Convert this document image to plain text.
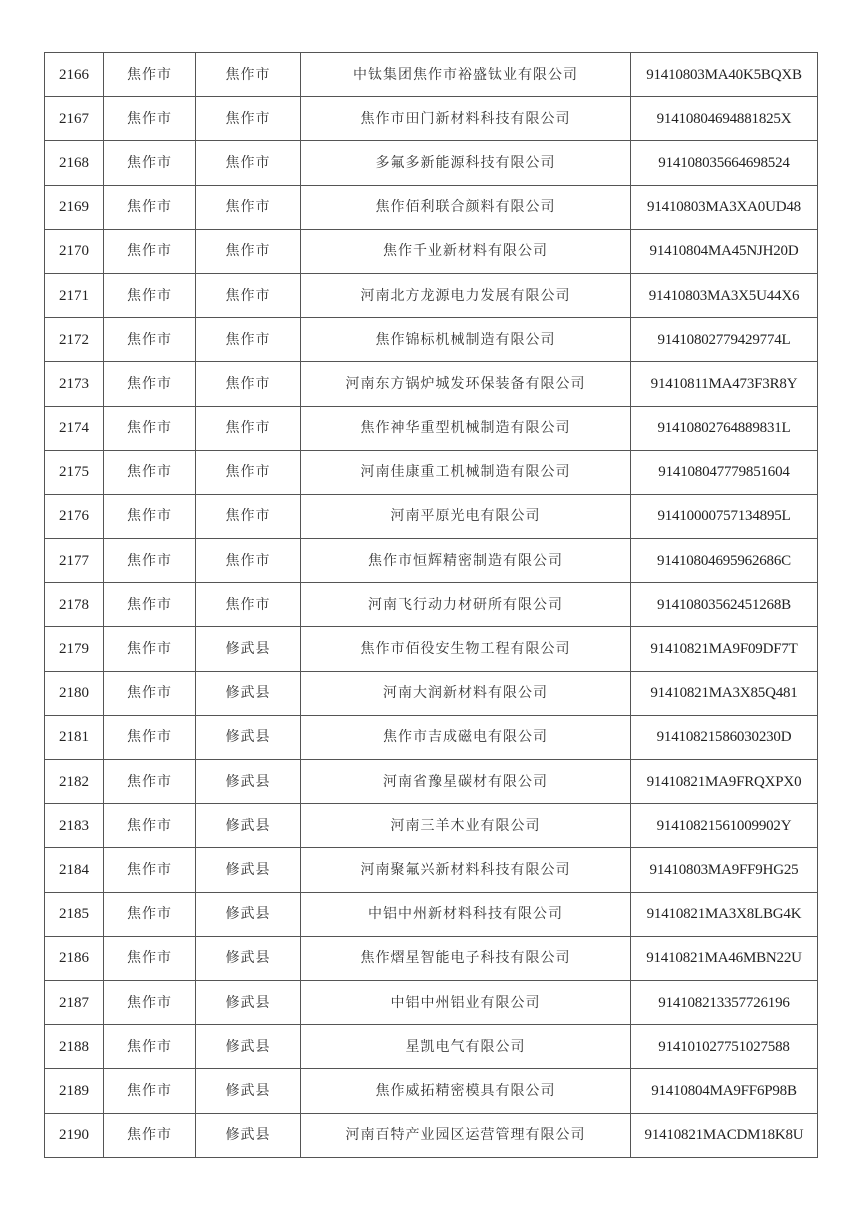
2166	焦作市	焦作市	中钛集团焦作市裕盛钛业有限公司	91410803MA40K5BQXB
2167	焦作市	焦作市	焦作市田门新材料科技有限公司	91410804694881825X
2168	焦作市	焦作市	多氟多新能源科技有限公司	914108035664698524
2169	焦作市	焦作市	焦作佰利联合颜料有限公司	91410803MA3XA0UD48
2170	焦作市	焦作市	焦作千业新材料有限公司	91410804MA45NJH20D
2171	焦作市	焦作市	河南北方龙源电力发展有限公司	91410803MA3X5U44X6
2172	焦作市	焦作市	焦作锦标机械制造有限公司	91410802779429774L
2173	焦作市	焦作市	河南东方锅炉城发环保装备有限公司	91410811MA473F3R8Y
2174	焦作市	焦作市	焦作神华重型机械制造有限公司	91410802764889831L
2175	焦作市	焦作市	河南佳康重工机械制造有限公司	914108047779851604
2176	焦作市	焦作市	河南平原光电有限公司	91410000757134895L
2177	焦作市	焦作市	焦作市恒辉精密制造有限公司	91410804695962686C
2178	焦作市	焦作市	河南飞行动力材研所有限公司	91410803562451268B
2179	焦作市	修武县	焦作市佰役安生物工程有限公司	91410821MA9F09DF7T
2180	焦作市	修武县	河南大润新材料有限公司	91410821MA3X85Q481
2181	焦作市	修武县	焦作市吉成磁电有限公司	91410821586030230D
2182	焦作市	修武县	河南省豫星碳材有限公司	91410821MA9FRQXPX0
2183	焦作市	修武县	河南三羊木业有限公司	91410821561009902Y
2184	焦作市	修武县	河南聚氟兴新材料科技有限公司	91410803MA9FF9HG25
2185	焦作市	修武县	中铝中州新材料科技有限公司	91410821MA3X8LBG4K
2186	焦作市	修武县	焦作熠星智能电子科技有限公司	91410821MA46MBN22U
2187	焦作市	修武县	中铝中州铝业有限公司	914108213357726196
2188	焦作市	修武县	星凯电气有限公司	914101027751027588
2189	焦作市	修武县	焦作威拓精密模具有限公司	91410804MA9FF6P98B
2190	焦作市	修武县	河南百特产业园区运营管理有限公司	91410821MACDM18K8U
